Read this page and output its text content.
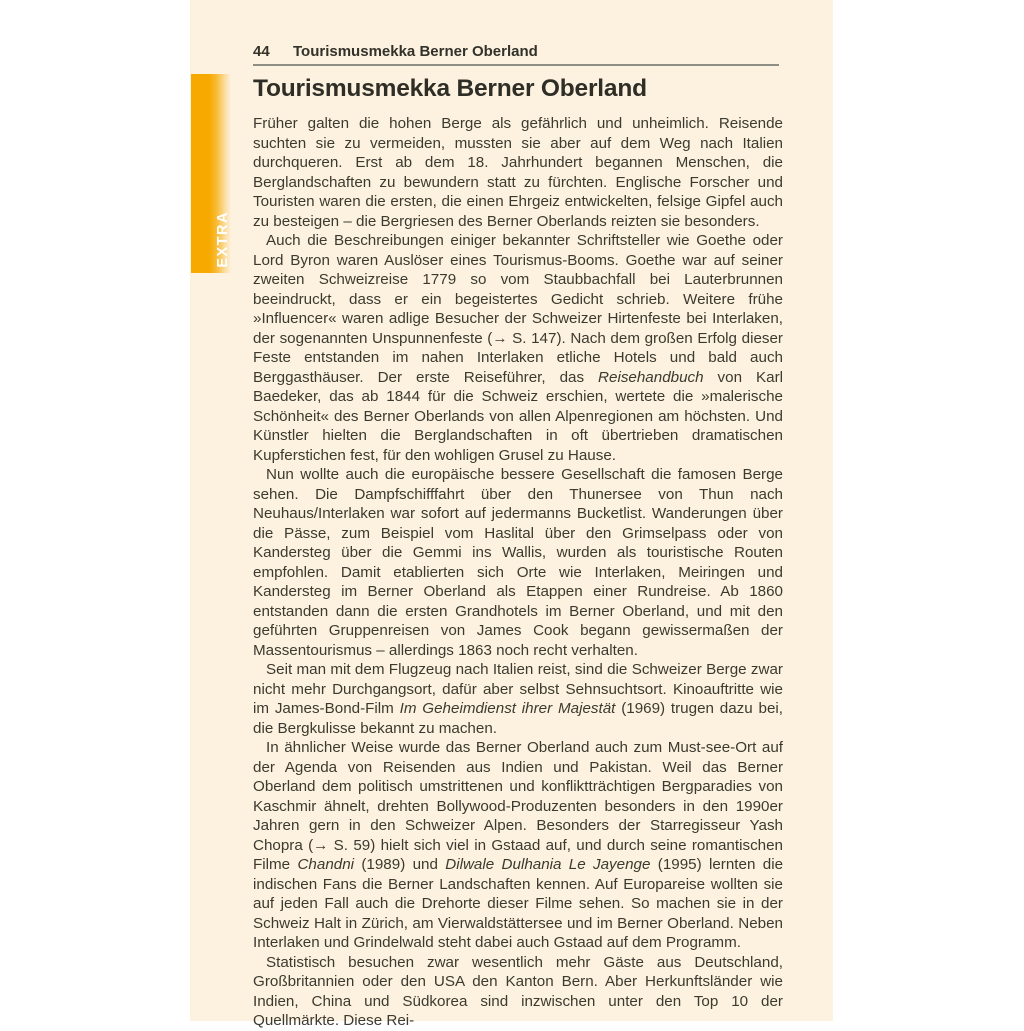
EXTRA
44	Tourismusmekka Berner Oberland
Tourismusmekka Berner Oberland

Früher galten die hohen Berge als gefährlich und unheimlich. Reisende suchten sie zu vermeiden, mussten sie aber auf dem Weg nach Italien durchqueren. Erst ab dem 18. Jahrhundert begannen Menschen, die Berglandschaften zu bewundern statt zu fürchten. Englische Forscher und Touristen waren die ersten, die einen Ehrgeiz entwickelten, felsige Gipfel auch zu besteigen – die Bergriesen des Berner Oberlands reizten sie besonders.

Auch die Beschreibungen einiger bekannter Schriftsteller wie Goethe oder Lord Byron waren Auslöser eines Tourismus-Booms. Goethe war auf seiner zweiten Schweizreise 1779 so vom Staubbachfall bei Lauterbrunnen beeindruckt, dass er ein begeistertes Gedicht schrieb. Weitere frühe »Influencer« waren adlige Besucher der Schweizer Hirtenfeste bei Interlaken, der sogenannten Unspunnenfeste (→ S. 147). Nach dem großen Erfolg dieser Feste entstanden im nahen Interlaken etliche Hotels und bald auch Berggasthäuser. Der erste Reiseführer, das Reisehandbuch von Karl Baedeker, das ab 1844 für die Schweiz erschien, wertete die »malerische Schönheit« des Berner Oberlands von allen Alpenregionen am höchsten. Und Künstler hielten die Berglandschaften in oft übertrieben dramatischen Kupferstichen fest, für den wohligen Grusel zu Hause.

Nun wollte auch die europäische bessere Gesellschaft die famosen Berge sehen. Die Dampfschifffahrt über den Thunersee von Thun nach Neuhaus/Interlaken war sofort auf jedermanns Bucketlist. Wanderungen über die Pässe, zum Beispiel vom Haslital über den Grimselpass oder von Kandersteg über die Gemmi ins Wallis, wurden als touristische Routen empfohlen. Damit etablierten sich Orte wie Interlaken, Meiringen und Kandersteg im Berner Oberland als Etappen einer Rundreise. Ab 1860 entstanden dann die ersten Grandhotels im Berner Oberland, und mit den geführten Gruppenreisen von James Cook begann gewissermaßen der Massentourismus – allerdings 1863 noch recht verhalten.

Seit man mit dem Flugzeug nach Italien reist, sind die Schweizer Berge zwar nicht mehr Durchgangsort, dafür aber selbst Sehnsuchtsort. Kinoauftritte wie im James-Bond-Film Im Geheimdienst ihrer Majestät (1969) trugen dazu bei, die Bergkulisse bekannt zu machen.

In ähnlicher Weise wurde das Berner Oberland auch zum Must-see-Ort auf der Agenda von Reisenden aus Indien und Pakistan. Weil das Berner Oberland dem politisch umstrittenen und konfliktträchtigen Bergparadies von Kaschmir ähnelt, drehten Bollywood-Produzenten besonders in den 1990er Jahren gern in den Schweizer Alpen. Besonders der Starregisseur Yash Chopra (→ S. 59) hielt sich viel in Gstaad auf, und durch seine romantischen Filme Chandni (1989) und Dilwale Dulhania Le Jayenge (1995) lernten die indischen Fans die Berner Landschaften kennen. Auf Europareise wollten sie auf jeden Fall auch die Drehorte dieser Filme sehen. So machen sie in der Schweiz Halt in Zürich, am Vierwaldstättersee und im Berner Oberland. Neben Interlaken und Grindelwald steht dabei auch Gstaad auf dem Programm.

Statistisch besuchen zwar wesentlich mehr Gäste aus Deutschland, Großbritannien oder den USA den Kanton Bern. Aber Herkunftsländer wie Indien, China und Südkorea sind inzwischen unter den Top 10 der Quellmärkte. Diese Rei-
